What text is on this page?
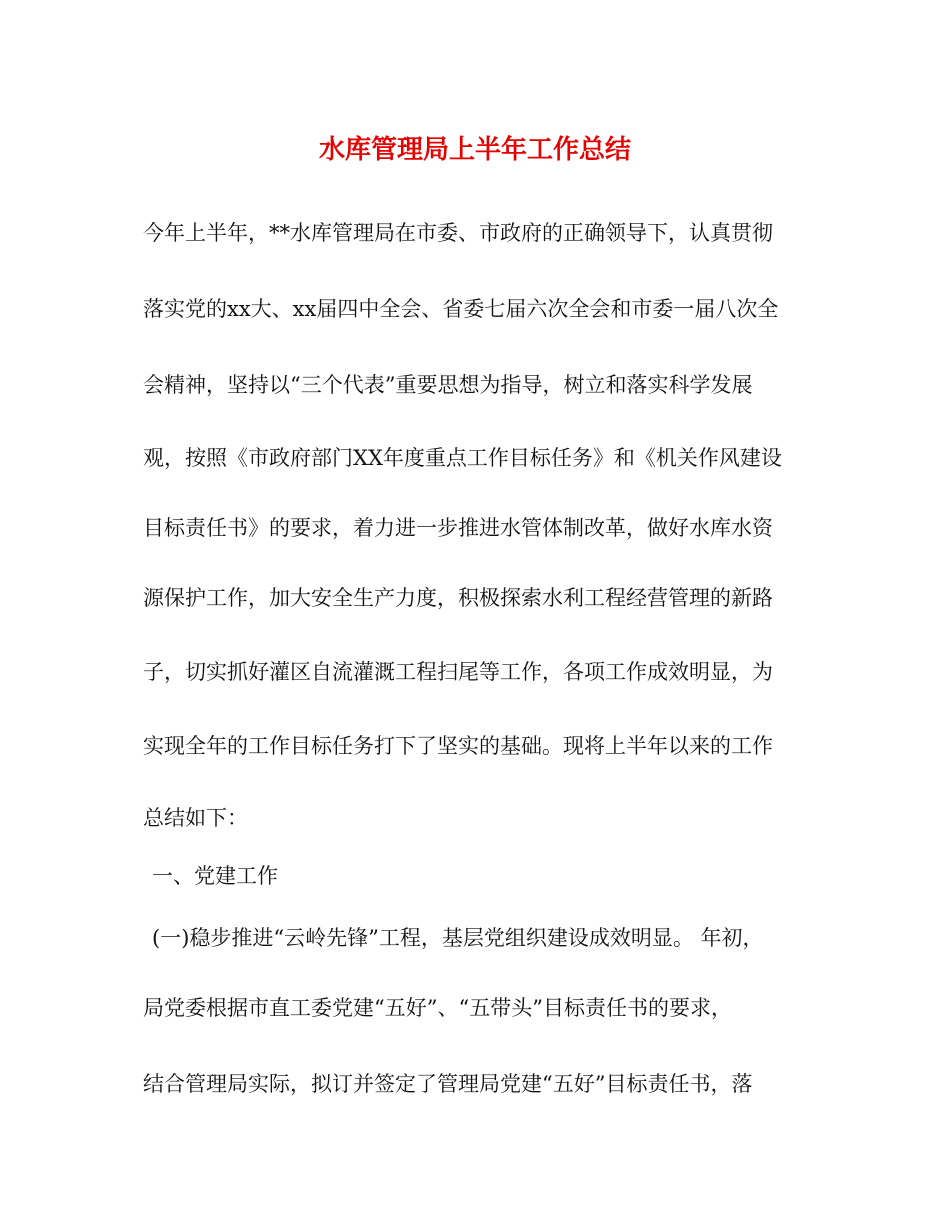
水库管理局上半年工作总结

今年上半年，**水库管理局在市委、市政府的正确领导下，认真贯彻

落实党的xx大、xx届四中全会、省委七届六次全会和市委一届八次全

会精神，坚持以“三个代表”重要思想为指导，树立和落实科学发展

观，按照《市政府部门XX年度重点工作目标任务》和《机关作风建设

目标责任书》的要求，着力进一步推进水管体制改革，做好水库水资

源保护工作，加大安全生产力度，积极探索水利工程经营管理的新路

子，切实抓好灌区自流灌溉工程扫尾等工作，各项工作成效明显，为

实现全年的工作目标任务打下了坚实的基础。现将上半年以来的工作

总结如下：

一、党建工作

(一)稳步推进“云岭先锋”工程，基层党组织建设成效明显。 年初，

局党委根据市直工委党建“五好”、“五带头”目标责任书的要求，

结合管理局实际，拟订并签定了管理局党建“五好”目标责任书，落
